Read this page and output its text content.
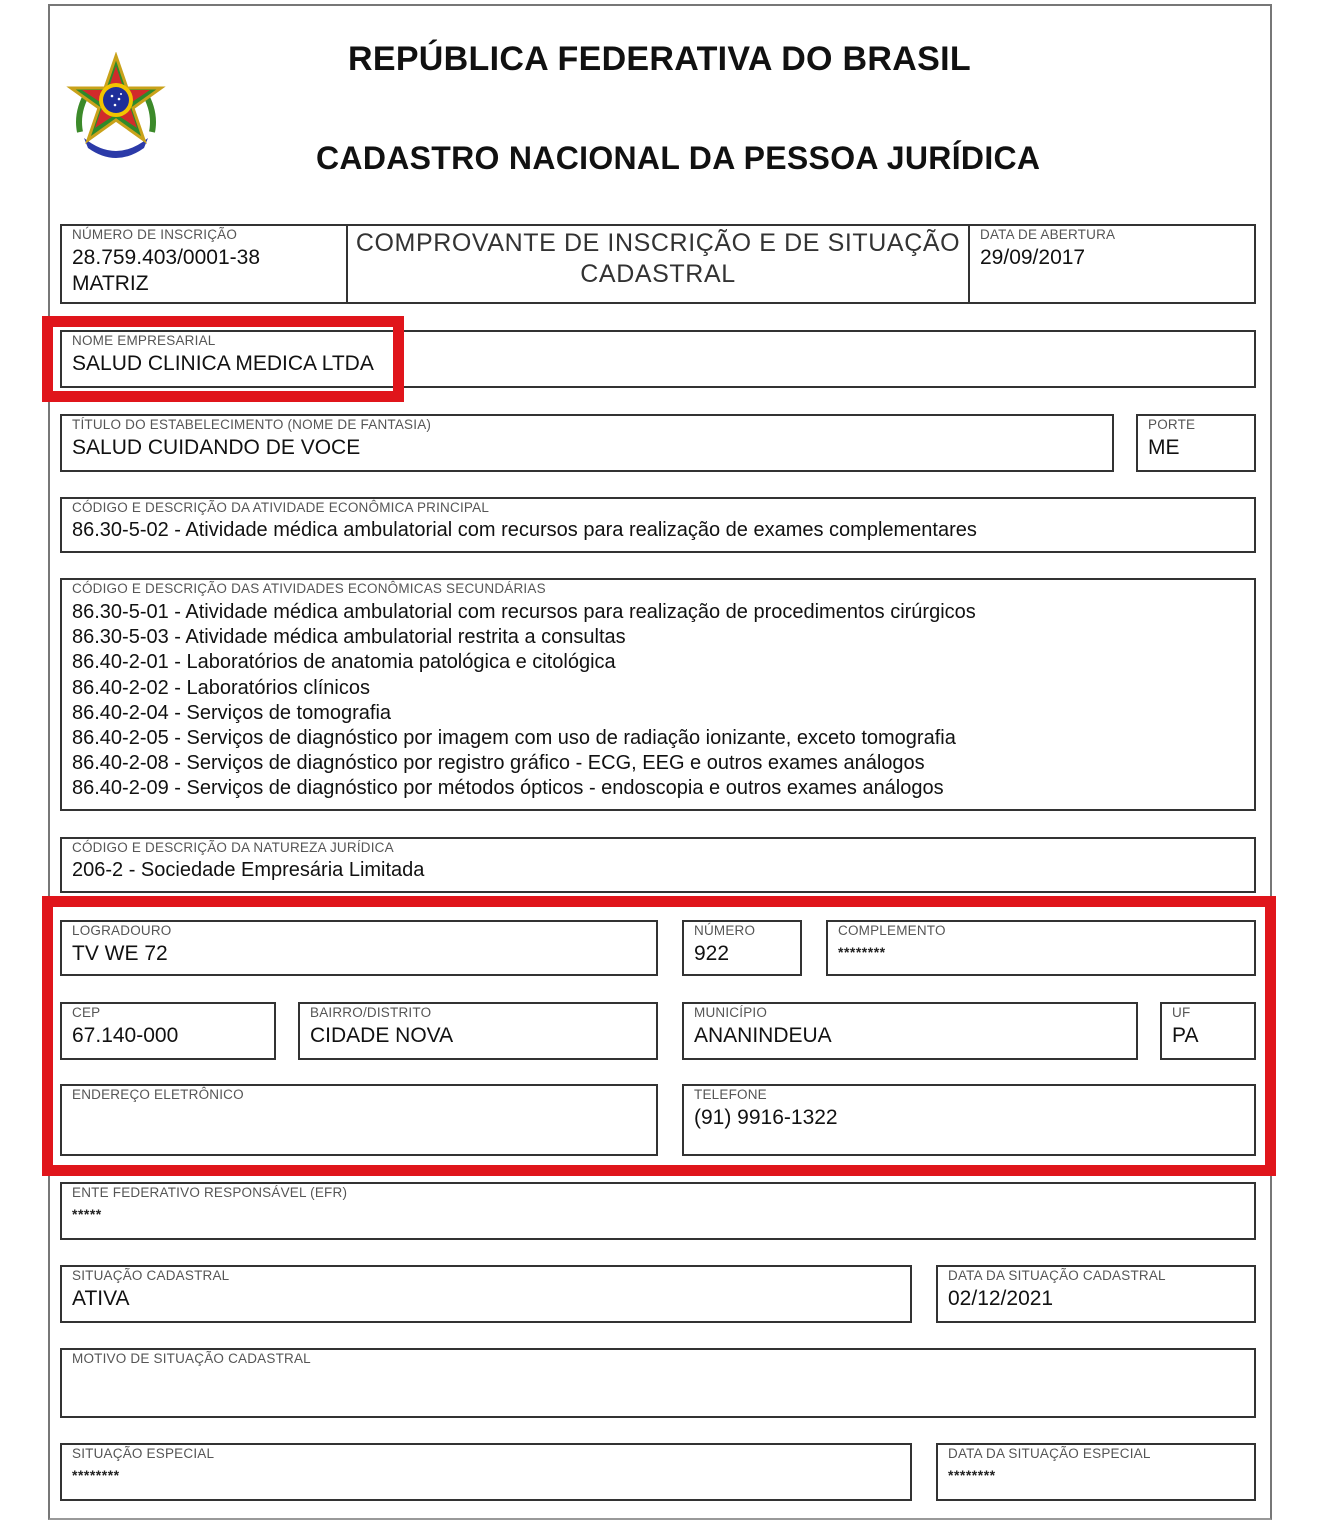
REPÚBLICA FEDERATIVA DO BRASIL
CADASTRO NACIONAL DA PESSOA JURÍDICA
NÚMERO DE INSCRIÇÃO
28.759.403/0001-38
MATRIZ
COMPROVANTE DE INSCRIÇÃO E DE SITUAÇÃO
CADASTRAL
DATA DE ABERTURA
29/09/2017
NOME EMPRESARIAL
SALUD CLINICA MEDICA LTDA
TÍTULO DO ESTABELECIMENTO (NOME DE FANTASIA)
SALUD CUIDANDO DE VOCE
PORTE
ME
CÓDIGO E DESCRIÇÃO DA ATIVIDADE ECONÔMICA PRINCIPAL
86.30-5-02 - Atividade médica ambulatorial com recursos para realização de exames complementares
CÓDIGO E DESCRIÇÃO DAS ATIVIDADES ECONÔMICAS SECUNDÁRIAS
86.30-5-01 - Atividade médica ambulatorial com recursos para realização de procedimentos cirúrgicos
86.30-5-03 - Atividade médica ambulatorial restrita a consultas
86.40-2-01 - Laboratórios de anatomia patológica e citológica
86.40-2-02 - Laboratórios clínicos
86.40-2-04 - Serviços de tomografia
86.40-2-05 - Serviços de diagnóstico por imagem com uso de radiação ionizante, exceto tomografia
86.40-2-08 - Serviços de diagnóstico por registro gráfico - ECG, EEG e outros exames análogos
86.40-2-09 - Serviços de diagnóstico por métodos ópticos - endoscopia e outros exames análogos
CÓDIGO E DESCRIÇÃO DA NATUREZA JURÍDICA
206-2 - Sociedade Empresária Limitada
LOGRADOURO
TV WE 72
NÚMERO
922
COMPLEMENTO
********
CEP
67.140-000
BAIRRO/DISTRITO
CIDADE NOVA
MUNICÍPIO
ANANINDEUA
UF
PA
ENDEREÇO ELETRÔNICO	TELEFONE
(91) 9916-1322
ENTE FEDERATIVO RESPONSÁVEL (EFR)
*****
SITUAÇÃO CADASTRAL
ATIVA
DATA DA SITUAÇÃO CADASTRAL
02/12/2021
MOTIVO DE SITUAÇÃO CADASTRAL
SITUAÇÃO ESPECIAL
********
DATA DA SITUAÇÃO ESPECIAL
********
